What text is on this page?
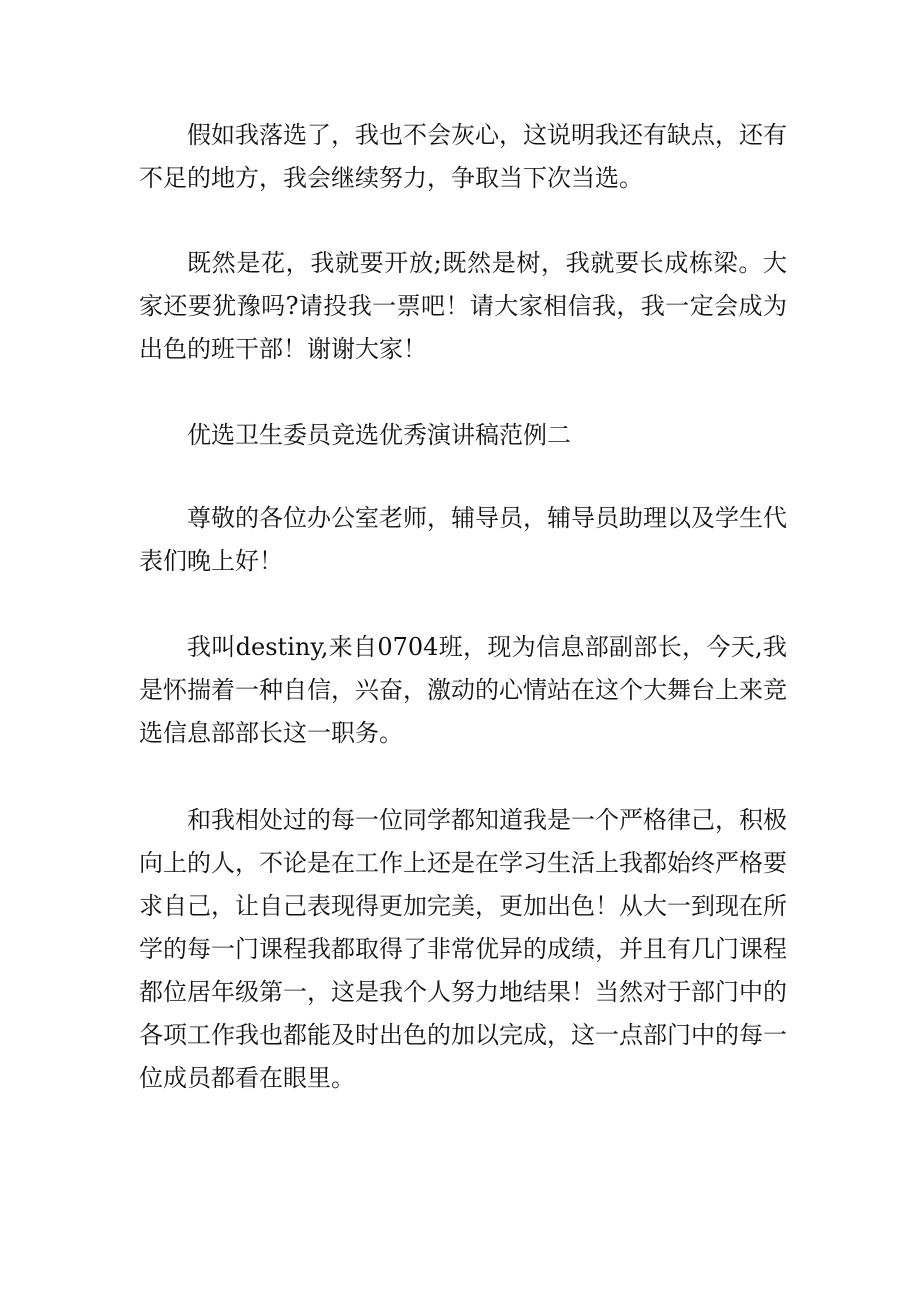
假如我落选了，我也不会灰心，这说明我还有缺点，还有不足的地方，我会继续努力，争取当下次当选。

既然是花，我就要开放;既然是树，我就要长成栋梁。大家还要犹豫吗?请投我一票吧！请大家相信我，我一定会成为出色的班干部！谢谢大家！

优选卫生委员竞选优秀演讲稿范例二

尊敬的各位办公室老师，辅导员，辅导员助理以及学生代表们晚上好！

我叫destiny,来自0704班，现为信息部副部长，今天,我是怀揣着一种自信，兴奋，激动的心情站在这个大舞台上来竞选信息部部长这一职务。

和我相处过的每一位同学都知道我是一个严格律己，积极向上的人，不论是在工作上还是在学习生活上我都始终严格要求自己，让自己表现得更加完美，更加出色！从大一到现在所学的每一门课程我都取得了非常优异的成绩，并且有几门课程都位居年级第一，这是我个人努力地结果！当然对于部门中的各项工作我也都能及时出色的加以完成，这一点部门中的每一位成员都看在眼里。
